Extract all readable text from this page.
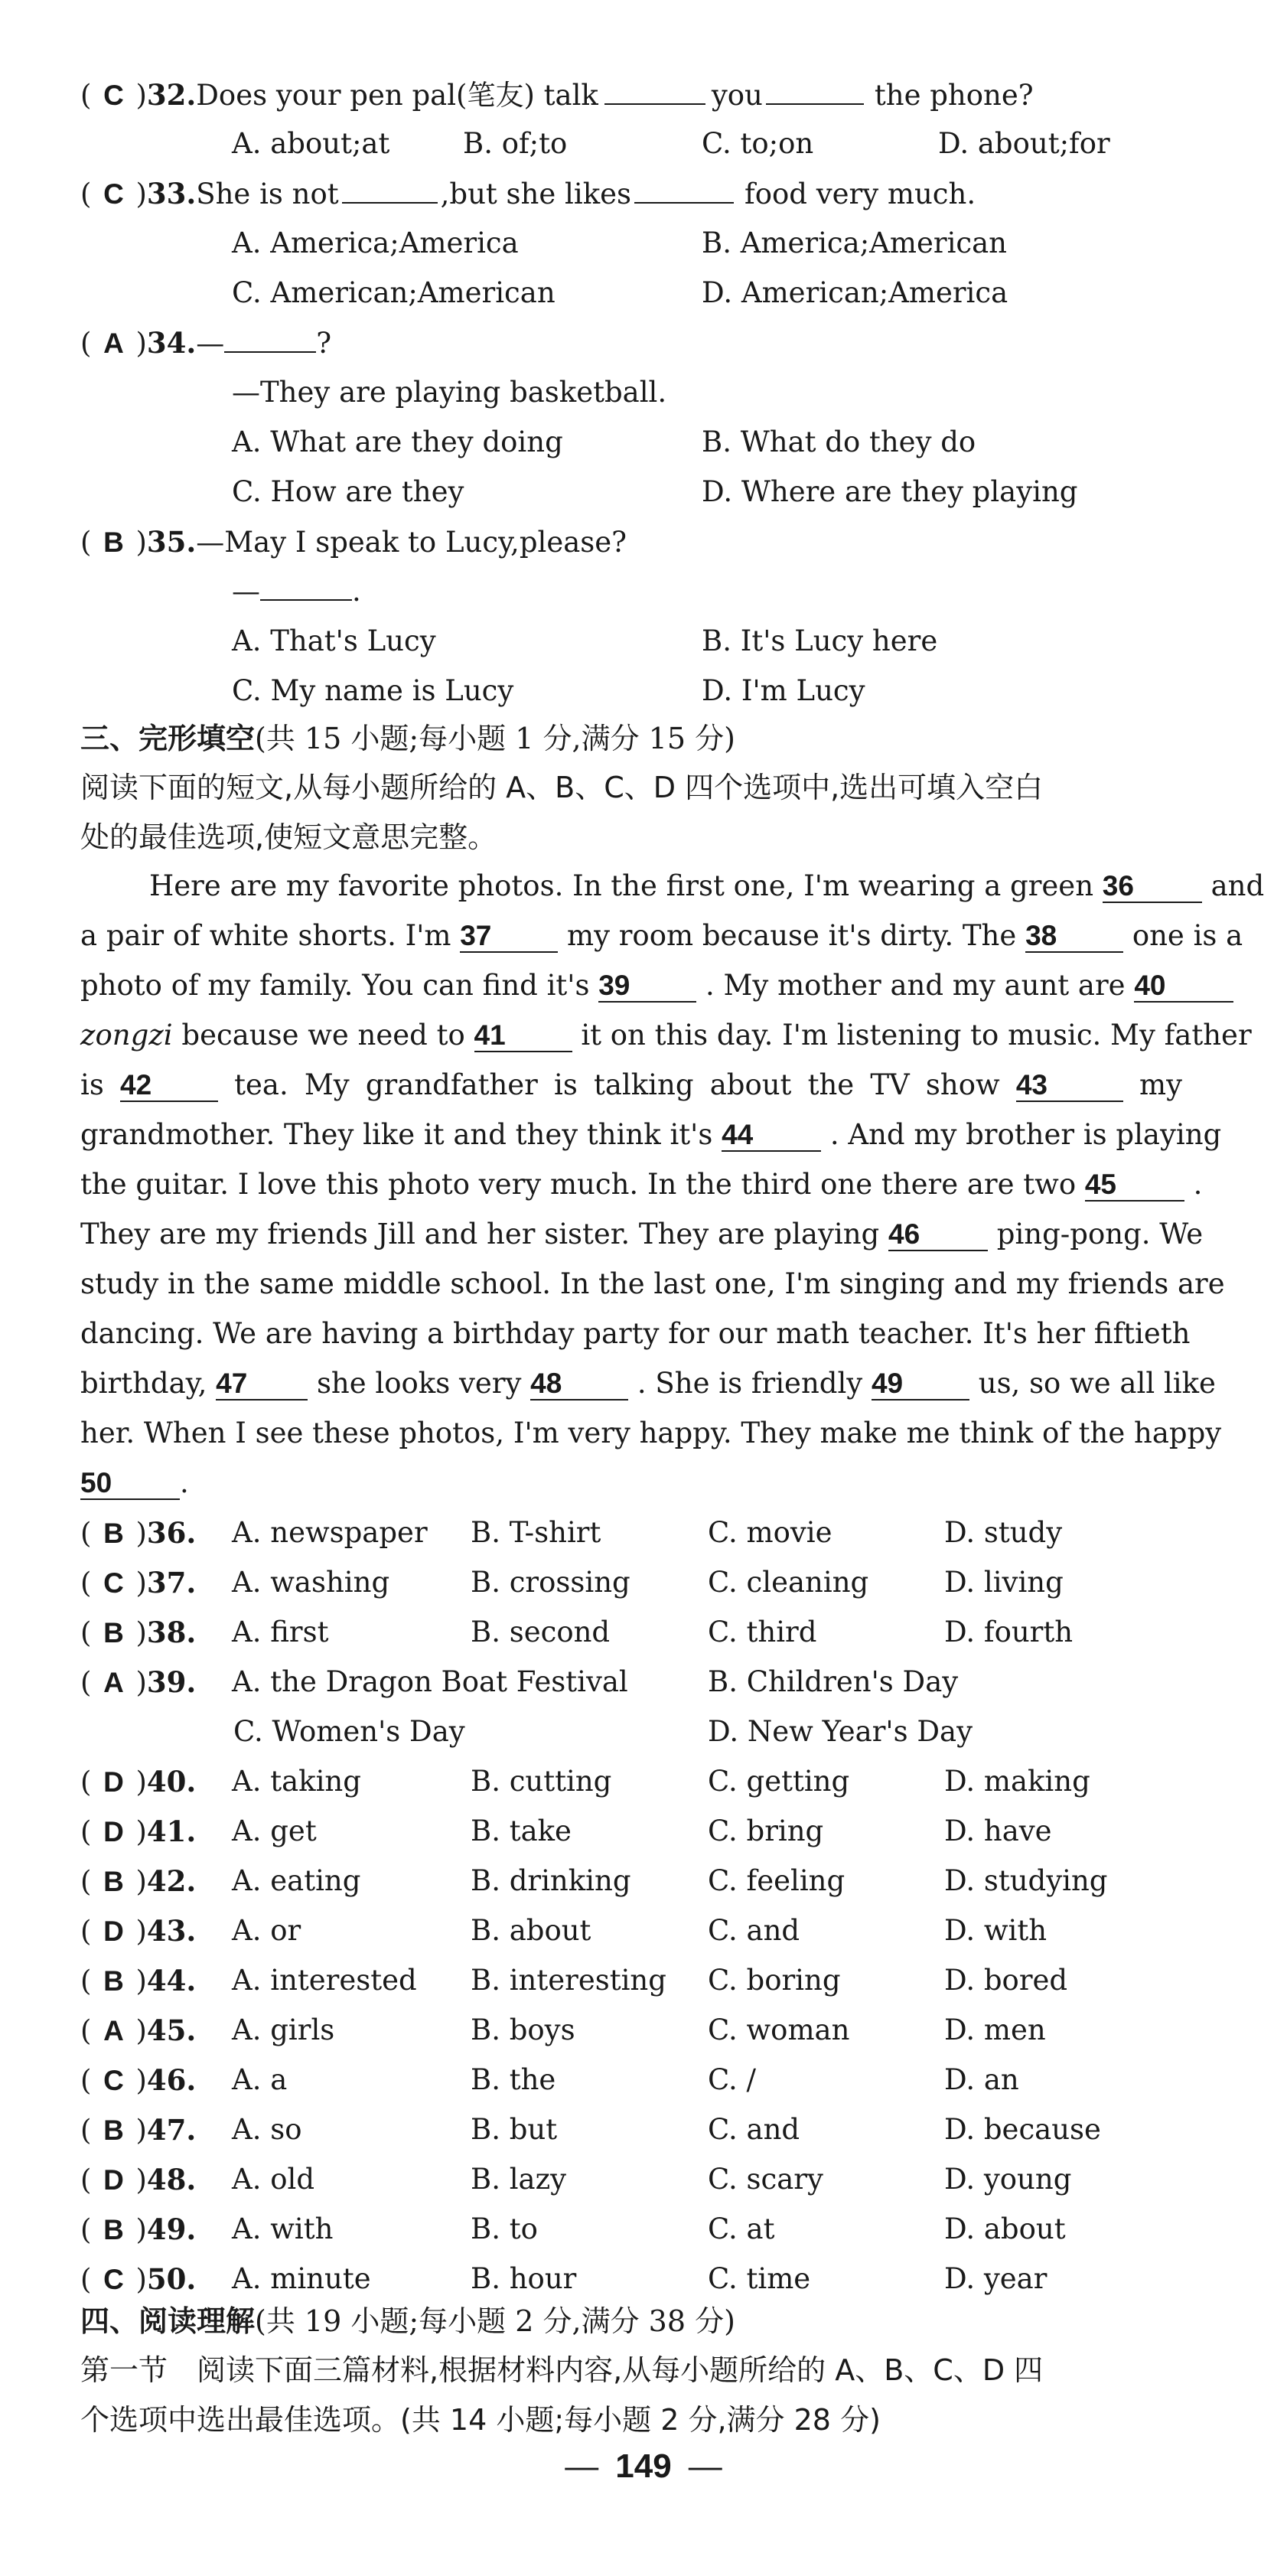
( C ) 32. Does your pen pal(笔友) talk	you	the phone?
A. about;at	B. of;to	C. to;on	D. about;for
( C ) 33. She is not	,but she likes	food very much.
A. America;America	B. America;American
C. American;American	D. American;America
( A ) 34. —	?
—They are playing basketball.
A. What are they doing	B. What do they do
C. How are they	D. Where are they playing
( B ) 35. —May I speak to Lucy,please?
—	.
A. That's Lucy	B. It's Lucy here
C. My name is Lucy	D. I'm Lucy
三、完形填空(共 15 小题;每小题 1 分,满分 15 分)
阅读下面的短文,从每小题所给的 A、B、C、D 四个选项中,选出可填入空白
处的最佳选项,使短文意思完整。
Here are my favorite photos. In the first one, I'm wearing a green 36	and
a pair of white shorts. I'm 37	my room because it's dirty. The 38	one is a
photo of my family. You can find it's 39	. My mother and my aunt are 40
zongzi because we need to 41	it on this day. I'm listening to music. My father
is 42	tea. My grandfather is talking about the TV show 43	my
grandmother. They like it and they think it's 44	. And my brother is playing
the guitar. I love this photo very much. In the third one there are two 45	.
They are my friends Jill and her sister. They are playing 46	ping-pong. We
study in the same middle school. In the last one, I'm singing and my friends are
dancing. We are having a birthday party for our math teacher. It's her fiftieth
birthday, 47 she looks very 48	. She is friendly 49	us, so we all like
her. When I see these photos, I'm very happy. They make me think of the happy
50 .
( B ) 36. A. newspaper B. T-shirt	C. movie	D. study
( C ) 37. A. washing	B. crossing	C. cleaning	D. living
( B ) 38. A. first	B. second	C. third	D. fourth
( A ) 39. A. the Dragon Boat Festival	B. Children's Day
C. Women's Day	D. New Year's Day
( D ) 40. A. taking	B. cutting	C. getting	D. making
( D ) 41. A. get	B. take	C. bring	D. have
( B ) 42. A. eating	B. drinking	C. feeling	D. studying
( D ) 43. A. or	B. about	C. and	D. with
( B ) 44. A. interested B. interesting C. boring	D. bored
( A ) 45. A. girls	B. boys	C. woman	D. men
( C ) 46. A. a	B. the	C. /	D. an
( B ) 47. A. so	B. but	C. and	D. because
( D ) 48. A. old	B. lazy	C. scary	D. young
( B ) 49. A. with	B. to	C. at	D. about
( C ) 50. A. minute	B. hour	C. time	D. year
四、阅读理解(共 19 小题;每小题 2 分,满分 38 分)
第一节　阅读下面三篇材料,根据材料内容,从每小题所给的 A、B、C、D 四
个选项中选出最佳选项。(共 14 小题;每小题 2 分,满分 28 分)
— 149 —
